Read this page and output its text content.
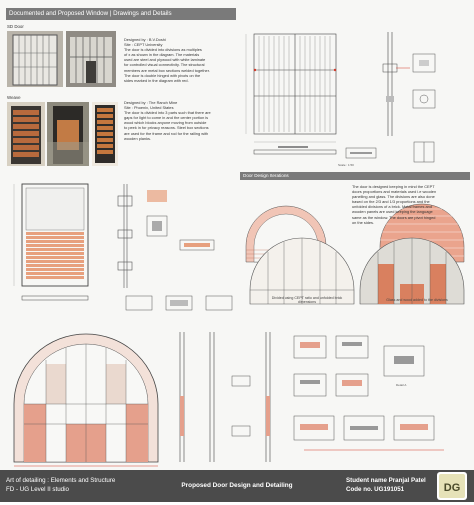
Documented and Proposed Window | Drawings and Details
SD Door

Designed by : B.V.Doshi

Site : CEPT University

The door is divided into divisions as multiples

of x as shown in the diagram. The materials

used are steel and plywood with white laminate

for controlled visual connectivity. The structural

members are metal box sections welded together.

The door is double hinged with pivots on the

sides marked in the diagram with red.

Weave

Designed by : The Ranch Mine

Site : Phoenix, United States

The door is divided into 3 parts such that there are

gaps for light to come in and the center portion is

wood which blocks anyone moving from outside

to peek in for privacy reasons. Steel box sections

are used for the frame and rod for the railing with

wooden planks.

Scale : 1:50
Door Design Iterations

The door is designed keeping in mind the CEPT

doors proportions and materials used i.e wooden

panelling and glass. The divisions are also done

based on the 2/3 and 1/3 proportions and the

unfolded divisions of a brick. Metal frames and

wooden panels are used keeping the language

same as the window. The doors are pivot hinged

on the sides.

Divided using CEPT ratio and unfolded brick
dimensions
Glass and wood added to the divisions
Detail A
Art of detailing : Elements and Structure
FD - UG Level II studio
Proposed Door Design and Detailing
Student name Pranjal Patel
Code no. UG191051	DG
